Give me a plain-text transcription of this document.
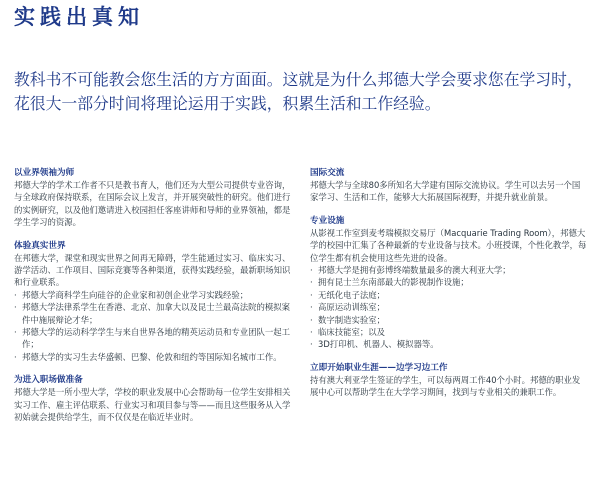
实践出真知

教科书不可能教会您生活的方方面面。这就是为什么邦德大学会要求您在学习时，花很大一部分时间将理论运用于实践，积累生活和工作经验。

以业界领袖为师

邦德大学的学术工作者不只是教书育人，他们还为大型公司提供专业咨询，与全球政府保持联系，在国际会议上发言，并开展突破性的研究。他们进行的实例研究，以及他们邀请进入校园担任客座讲师和导师的业界领袖，都是学生学习的资源。

体验真实世界

在邦德大学，课堂和现实世界之间再无障碍，学生能通过实习、临床实习、游学活动、工作项目、国际竞赛等各种渠道，获得实践经验，最新职场知识和行业联系。

· 邦德大学商科学生向硅谷的企业家和初创企业学习实践经验；
· 邦德大学法律系学生在香港、北京、加拿大以及昆士兰最高法院的模拟案件中施展辩论才华；
· 邦德大学的运动科学学生与来自世界各地的精英运动员和专业团队一起工作；
· 邦德大学的实习生去华盛顿、巴黎、伦敦和纽约等国际知名城市工作。

为进入职场做准备

邦德大学是一所小型大学，学校的职业发展中心会帮助每一位学生安排相关实习工作、雇主评估联系、行业实习和项目参与等——而且这些服务从入学初始就会提供给学生，而不仅仅是在临近毕业时。

国际交流

邦德大学与全球80多所知名大学建有国际交流协议。学生可以去另一个国家学习、生活和工作，能够大大拓展国际视野，并提升就业前景。

专业设施

从影视工作室到麦考瑞模拟交易厅（Macquarie Trading Room），邦德大学的校园中汇集了各种最新的专业设备与技术。小班授课，个性化教学，每位学生都有机会使用这些先进的设备。

· 邦德大学是拥有彭博终端数量最多的澳大利亚大学；
· 拥有昆士兰东南部最大的影视制作设施；
· 无纸化电子法庭；
· 高原运动训练室；
· 数字制造实验室；
· 临床技能室；以及
· 3D打印机、机器人、模拟器等。

立即开始职业生涯——边学习边工作

持有澳大利亚学生签证的学生，可以每两周工作40个小时。邦德的职业发展中心可以帮助学生在大学学习期间，找到与专业相关的兼职工作。
